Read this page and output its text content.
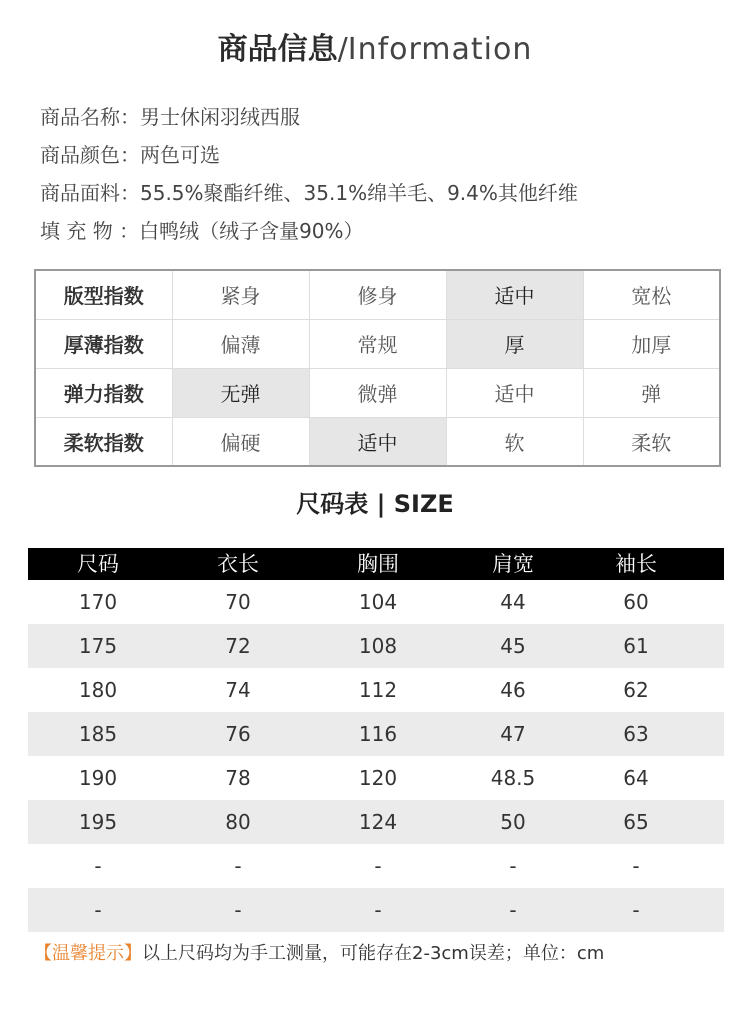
商品信息/Information
商品名称：男士休闲羽绒西服
商品颜色：两色可选
商品面料：55.5%聚酯纤维、35.1%绵羊毛、9.4%其他纤维
填 充 物 ：白鸭绒（绒子含量90%）
版型指数	紧身	修身	适中	宽松
厚薄指数	偏薄	常规	厚	加厚
弹力指数	无弹	微弹	适中	弹
柔软指数	偏硬	适中	软	柔软
尺码表 | SIZE
尺码	衣长	胸围	肩宽	袖长
170	70	104	44	60
175	72	108	45	61
180	74	112	46	62
185	76	116	47	63
190	78	120	48.5	64
195	80	124	50	65
-	-	-	-	-
-	-	-	-	-
【温馨提示】以上尺码均为手工测量，可能存在2-3cm误差；单位：cm
